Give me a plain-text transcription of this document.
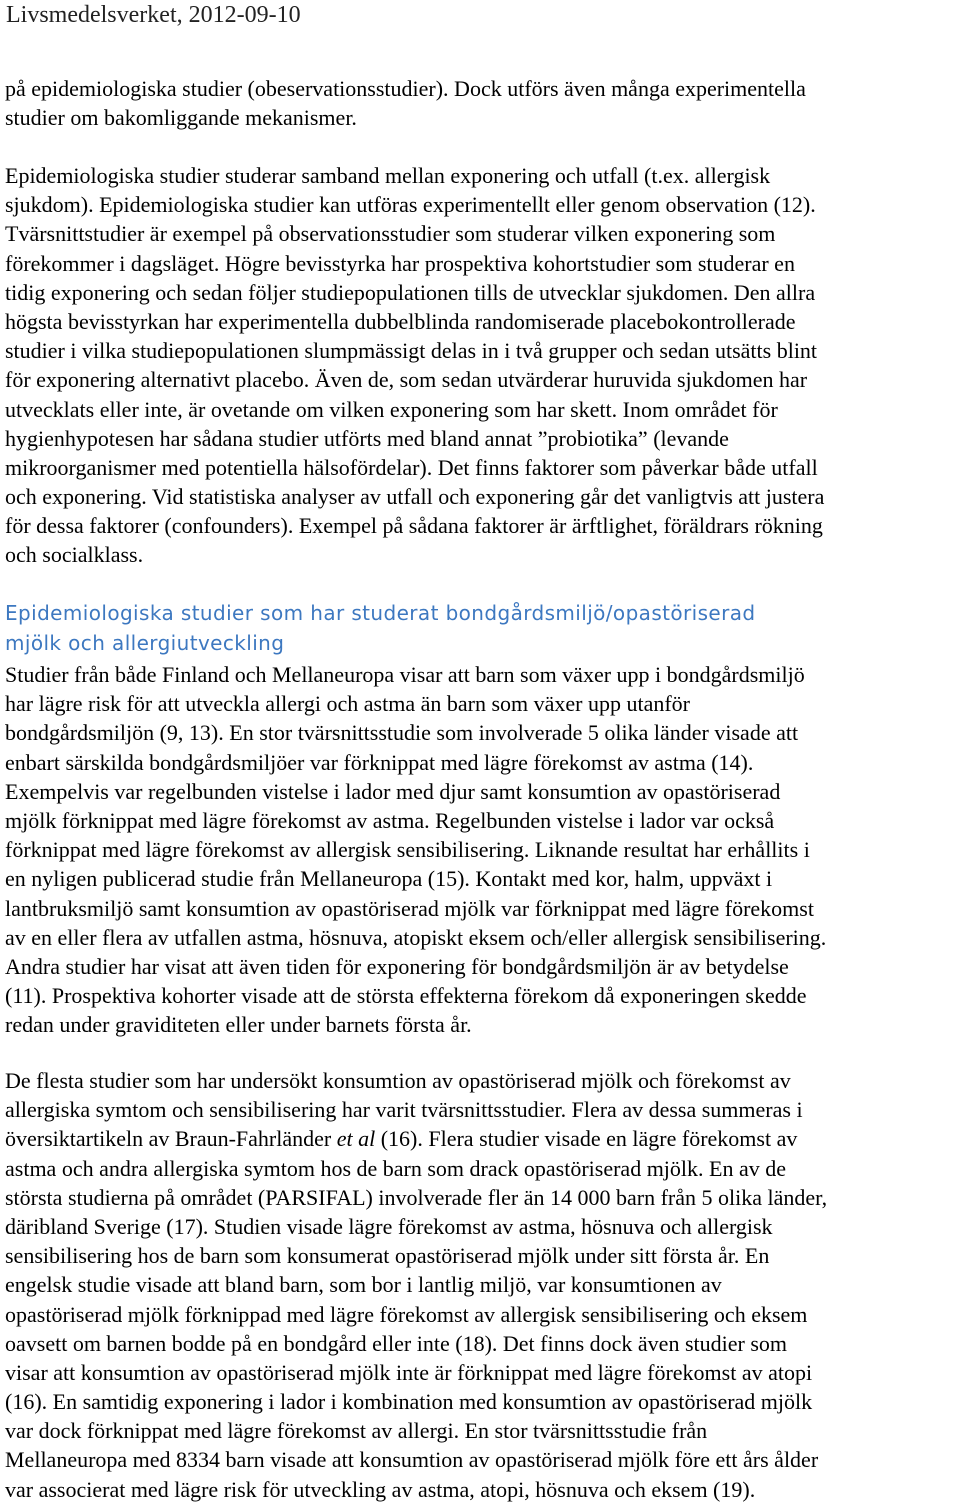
Livsmedelsverket, 2012-09-10
på epidemiologiska studier (obeservationsstudier). Dock utförs även många experimentella
studier om bakomliggande mekanismer.
Epidemiologiska studier studerar samband mellan exponering och utfall (t.ex. allergisk
sjukdom). Epidemiologiska studier kan utföras experimentellt eller genom observation (12).
Tvärsnittstudier är exempel på observationsstudier som studerar vilken exponering som
förekommer i dagsläget. Högre bevisstyrka har prospektiva kohortstudier som studerar en
tidig exponering och sedan följer studiepopulationen tills de utvecklar sjukdomen. Den allra
högsta bevisstyrkan har experimentella dubbelblinda randomiserade placebokontrollerade
studier i vilka studiepopulationen slumpmässigt delas in i två grupper och sedan utsätts blint
för exponering alternativt placebo. Även de, som sedan utvärderar huruvida sjukdomen har
utvecklats eller inte, är ovetande om vilken exponering som har skett. Inom området för
hygienhypotesen har sådana studier utförts med bland annat ”probiotika” (levande
mikroorganismer med potentiella hälsofördelar). Det finns faktorer som påverkar både utfall
och exponering. Vid statistiska analyser av utfall och exponering går det vanligtvis att justera
för dessa faktorer (confounders). Exempel på sådana faktorer är ärftlighet, föräldrars rökning
och socialklass.
Epidemiologiska studier som har studerat bondgårdsmiljö/opastöriserad
mjölk och allergiutveckling
Studier från både Finland och Mellaneuropa visar att barn som växer upp i bondgårdsmiljö
har lägre risk för att utveckla allergi och astma än barn som växer upp utanför
bondgårdsmiljön (9, 13). En stor tvärsnittsstudie som involverade 5 olika länder visade att
enbart särskilda bondgårdsmiljöer var förknippat med lägre förekomst av astma (14).
Exempelvis var regelbunden vistelse i lador med djur samt konsumtion av opastöriserad
mjölk förknippat med lägre förekomst av astma. Regelbunden vistelse i lador var också
förknippat med lägre förekomst av allergisk sensibilisering. Liknande resultat har erhållits i
en nyligen publicerad studie från Mellaneuropa (15). Kontakt med kor, halm, uppväxt i
lantbruksmiljö samt konsumtion av opastöriserad mjölk var förknippat med lägre förekomst
av en eller flera av utfallen astma, hösnuva, atopiskt eksem och/eller allergisk sensibilisering.
Andra studier har visat att även tiden för exponering för bondgårdsmiljön är av betydelse
(11). Prospektiva kohorter visade att de största effekterna förekom då exponeringen skedde
redan under graviditeten eller under barnets första år.
De flesta studier som har undersökt konsumtion av opastöriserad mjölk och förekomst av
allergiska symtom och sensibilisering har varit tvärsnittsstudier. Flera av dessa summeras i
översiktartikeln av Braun-Fahrländer et al (16). Flera studier visade en lägre förekomst av
astma och andra allergiska symtom hos de barn som drack opastöriserad mjölk. En av de
största studierna på området (PARSIFAL) involverade fler än 14 000 barn från 5 olika länder,
däribland Sverige (17). Studien visade lägre förekomst av astma, hösnuva och allergisk
sensibilisering hos de barn som konsumerat opastöriserad mjölk under sitt första år. En
engelsk studie visade att bland barn, som bor i lantlig miljö, var konsumtionen av
opastöriserad mjölk förknippad med lägre förekomst av allergisk sensibilisering och eksem
oavsett om barnen bodde på en bondgård eller inte (18). Det finns dock även studier som
visar att konsumtion av opastöriserad mjölk inte är förknippat med lägre förekomst av atopi
(16). En samtidig exponering i lador i kombination med konsumtion av opastöriserad mjölk
var dock förknippat med lägre förekomst av allergi. En stor tvärsnittsstudie från
Mellaneuropa med 8334 barn visade att konsumtion av opastöriserad mjölk före ett års ålder
var associerat med lägre risk för utveckling av astma, atopi, hösnuva och eksem (19).
